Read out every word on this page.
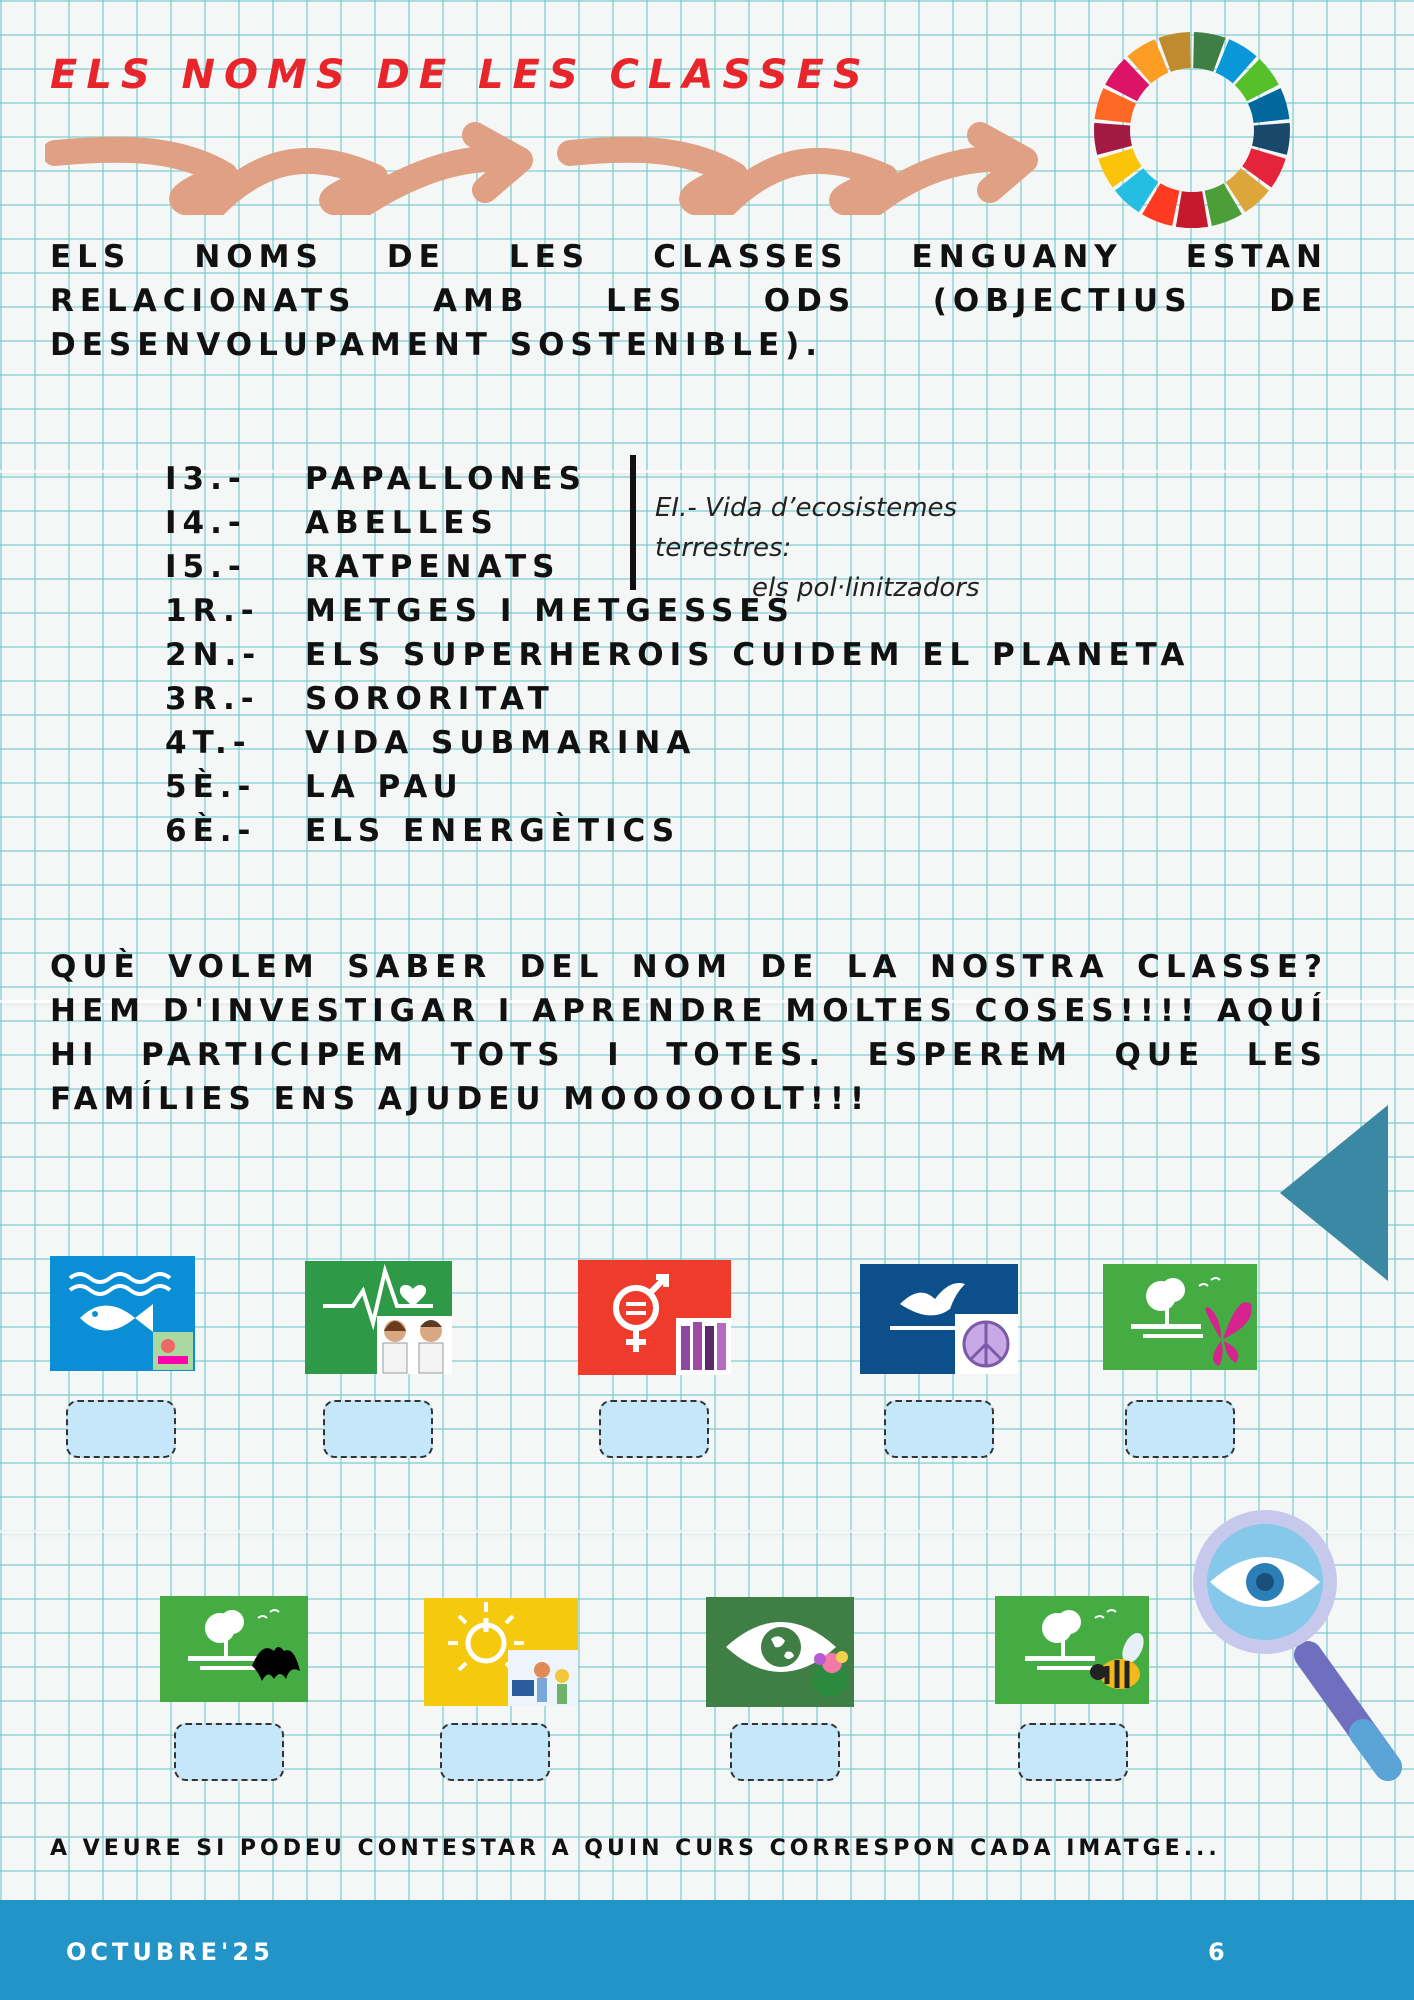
ELS NOMS DE LES CLASSES

ELS NOMS DE LES CLASSES ENGUANY ESTAN RELACIONATS AMB LES ODS (OBJECTIUS DE DESENVOLUPAMENT SOSTENIBLE).

I3.- PAPALLONES
I4.- ABELLES
I5.- RATPENATS
1R.- METGES I METGESSES
2N.- ELS SUPERHEROIS CUIDEM EL PLANETA
3R.- SORORITAT
4T.- VIDA SUBMARINA
5È.- LA PAU
6È.- ELS ENERGÈTICS
EI.- Vida d’ecosistemes terrestres:
els pol·linitzadors

QUÈ VOLEM SABER DEL NOM DE LA NOSTRA CLASSE? HEM D'INVESTIGAR I APRENDRE MOLTES COSES!!!! AQUÍ HI PARTICIPEM TOTS I TOTES. ESPEREM QUE LES FAMÍLIES ENS AJUDEU MOOOOOLT!!!

A VEURE SI PODEU CONTESTAR A QUIN CURS CORRESPON CADA IMATGE...

OCTUBRE'25	6
